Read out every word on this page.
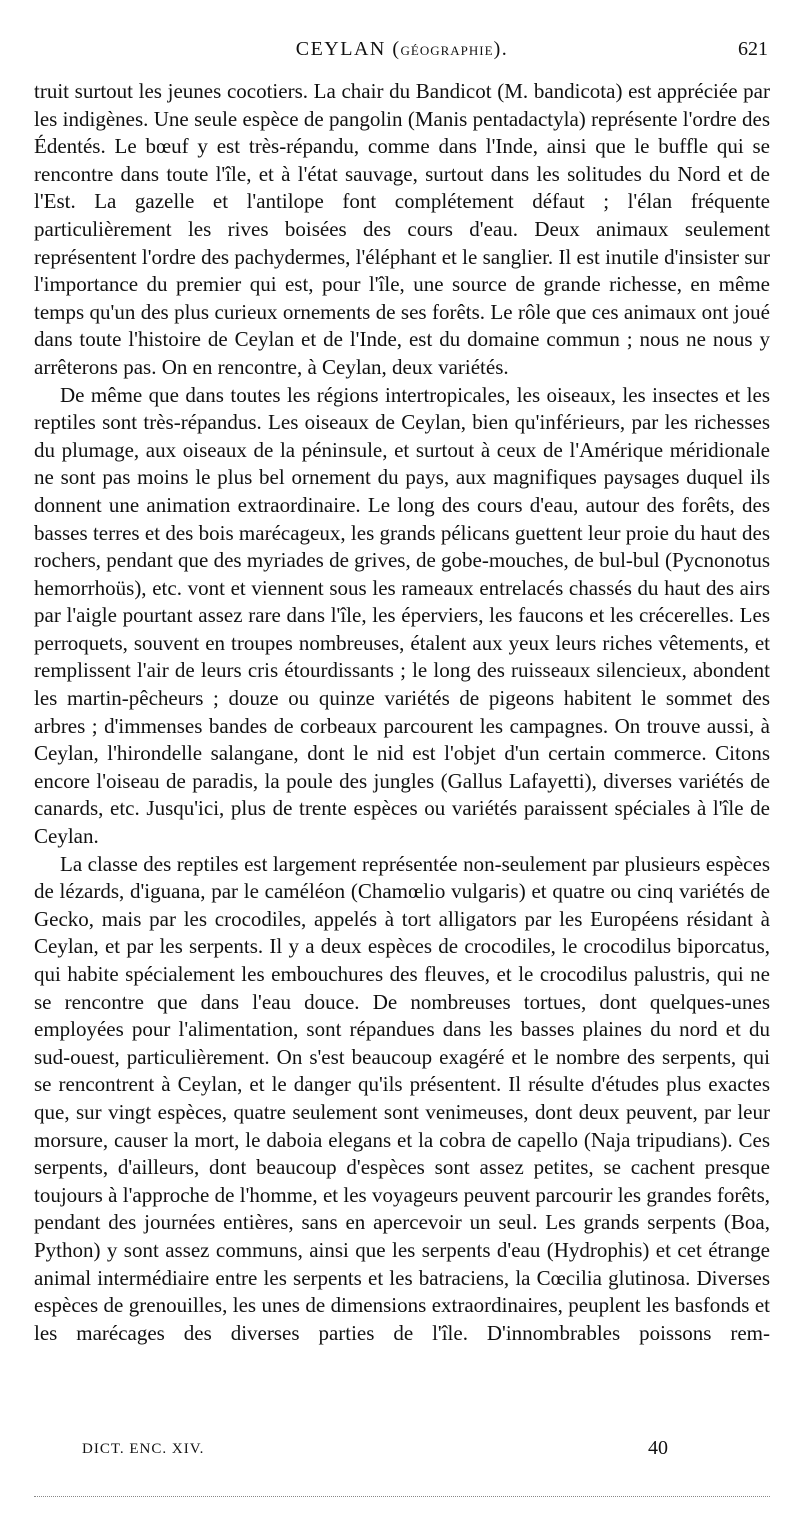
CEYLAN (GÉOGRAPHIE).	621

truit surtout les jeunes cocotiers. La chair du Bandicot (M. bandicota) est appréciée par les indigènes. Une seule espèce de pangolin (Manis pentadactyla) représente l'ordre des Édentés. Le bœuf y est très-répandu, comme dans l'Inde, ainsi que le buffle qui se rencontre dans toute l'île, et à l'état sauvage, surtout dans les solitudes du Nord et de l'Est. La gazelle et l'antilope font complétement défaut ; l'élan fréquente particulièrement les rives boisées des cours d'eau. Deux animaux seulement représentent l'ordre des pachydermes, l'éléphant et le sanglier. Il est inutile d'insister sur l'importance du premier qui est, pour l'île, une source de grande richesse, en même temps qu'un des plus curieux ornements de ses forêts. Le rôle que ces animaux ont joué dans toute l'histoire de Ceylan et de l'Inde, est du domaine commun ; nous ne nous y arrêterons pas. On en rencontre, à Ceylan, deux variétés.

De même que dans toutes les régions intertropicales, les oiseaux, les insectes et les reptiles sont très-répandus. Les oiseaux de Ceylan, bien qu'inférieurs, par les richesses du plumage, aux oiseaux de la péninsule, et surtout à ceux de l'Amérique méridionale ne sont pas moins le plus bel ornement du pays, aux magnifiques paysages duquel ils donnent une animation extraordinaire. Le long des cours d'eau, autour des forêts, des basses terres et des bois marécageux, les grands pélicans guettent leur proie du haut des rochers, pendant que des myriades de grives, de gobe-mouches, de bul-bul (Pycnonotus hemorrhoüs), etc. vont et viennent sous les rameaux entrelacés chassés du haut des airs par l'aigle pourtant assez rare dans l'île, les éperviers, les faucons et les crécerelles. Les perroquets, souvent en troupes nombreuses, étalent aux yeux leurs riches vêtements, et remplissent l'air de leurs cris étourdissants ; le long des ruisseaux silencieux, abondent les martin-pêcheurs ; douze ou quinze variétés de pigeons habitent le sommet des arbres ; d'immenses bandes de corbeaux parcourent les campagnes. On trouve aussi, à Ceylan, l'hirondelle salangane, dont le nid est l'objet d'un certain commerce. Citons encore l'oiseau de paradis, la poule des jungles (Gallus Lafayetti), diverses variétés de canards, etc. Jusqu'ici, plus de trente espèces ou variétés paraissent spéciales à l'île de Ceylan.

La classe des reptiles est largement représentée non-seulement par plusieurs espèces de lézards, d'iguana, par le caméléon (Chamœlio vulgaris) et quatre ou cinq variétés de Gecko, mais par les crocodiles, appelés à tort alligators par les Européens résidant à Ceylan, et par les serpents. Il y a deux espèces de crocodiles, le crocodilus biporcatus, qui habite spécialement les embouchures des fleuves, et le crocodilus palustris, qui ne se rencontre que dans l'eau douce. De nombreuses tortues, dont quelques-unes employées pour l'alimentation, sont répandues dans les basses plaines du nord et du sud-ouest, particulièrement. On s'est beaucoup exagéré et le nombre des serpents, qui se rencontrent à Ceylan, et le danger qu'ils présentent. Il résulte d'études plus exactes que, sur vingt espèces, quatre seulement sont venimeuses, dont deux peuvent, par leur morsure, causer la mort, le daboia elegans et la cobra de capello (Naja tripudians). Ces serpents, d'ailleurs, dont beaucoup d'espèces sont assez petites, se cachent presque toujours à l'approche de l'homme, et les voyageurs peuvent parcourir les grandes forêts, pendant des journées entières, sans en apercevoir un seul. Les grands serpents (Boa, Python) y sont assez communs, ainsi que les serpents d'eau (Hydrophis) et cet étrange animal intermédiaire entre les serpents et les batraciens, la Cœcilia glutinosa. Diverses espèces de grenouilles, les unes de dimensions extraordinaires, peuplent les basfonds et les marécages des diverses parties de l'île. D'innombrables poissons rem-

DICT. ENC. XIV.	40
